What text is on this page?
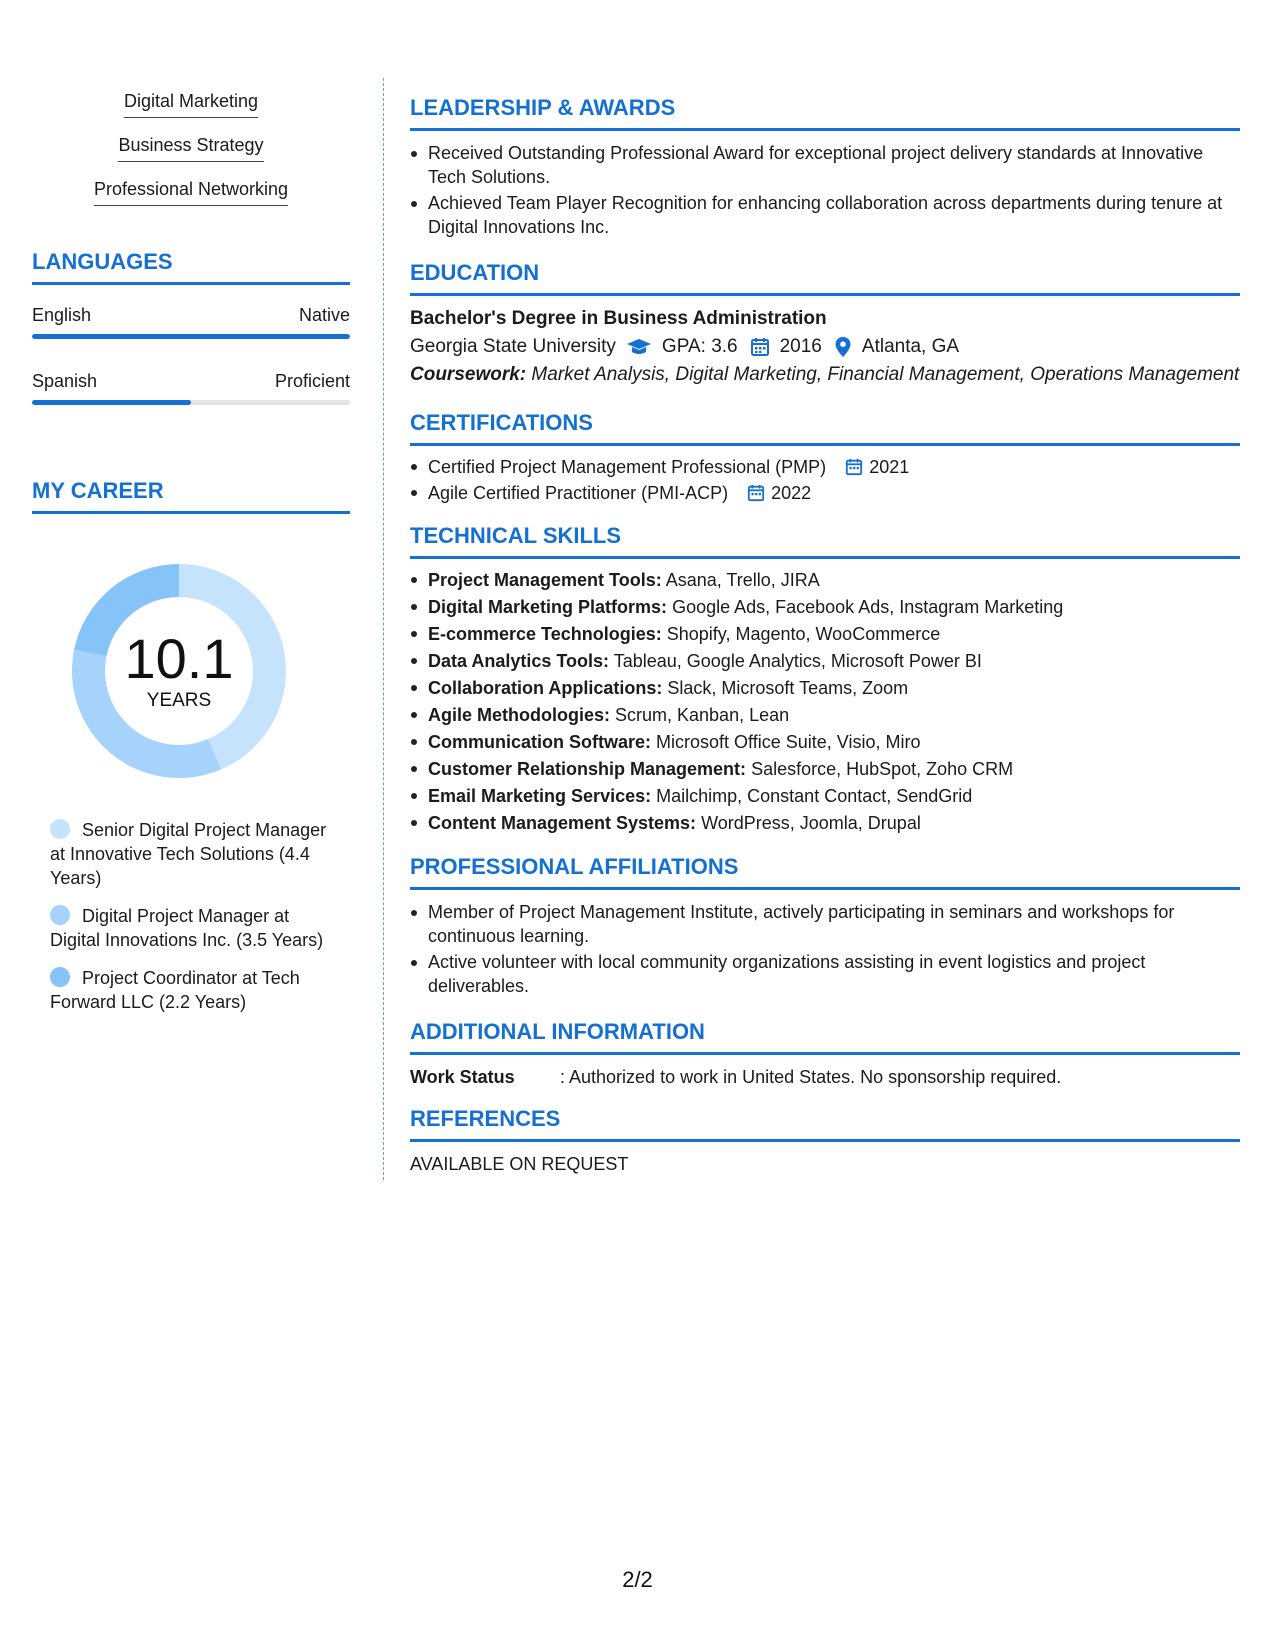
Digital Marketing
Business Strategy
Professional Networking
LANGUAGES
English	Native
Spanish	Proficient
MY CAREER
10.1
YEARS
Senior Digital Project Manager at Innovative Tech Solutions (4.4 Years)
Digital Project Manager at Digital Innovations Inc. (3.5 Years)
Project Coordinator at Tech Forward LLC (2.2 Years)
LEADERSHIP & AWARDS
Received Outstanding Professional Award for exceptional project delivery standards at Innovative Tech Solutions.
Achieved Team Player Recognition for enhancing collaboration across departments during tenure at Digital Innovations Inc.
EDUCATION
Bachelor's Degree in Business Administration
Georgia State University GPA: 3.6 2016 Atlanta, GA
Coursework: Market Analysis, Digital Marketing, Financial Management, Operations Management
CERTIFICATIONS
Certified Project Management Professional (PMP) 2021
Agile Certified Practitioner (PMI-ACP) 2022
TECHNICAL SKILLS
Project Management Tools: Asana, Trello, JIRA
Digital Marketing Platforms: Google Ads, Facebook Ads, Instagram Marketing
E-commerce Technologies: Shopify, Magento, WooCommerce
Data Analytics Tools: Tableau, Google Analytics, Microsoft Power BI
Collaboration Applications: Slack, Microsoft Teams, Zoom
Agile Methodologies: Scrum, Kanban, Lean
Communication Software: Microsoft Office Suite, Visio, Miro
Customer Relationship Management: Salesforce, HubSpot, Zoho CRM
Email Marketing Services: Mailchimp, Constant Contact, SendGrid
Content Management Systems: WordPress, Joomla, Drupal
PROFESSIONAL AFFILIATIONS
Member of Project Management Institute, actively participating in seminars and workshops for continuous learning.
Active volunteer with local community organizations assisting in event logistics and project deliverables.
ADDITIONAL INFORMATION
Work Status	: Authorized to work in United States. No sponsorship required.
REFERENCES
AVAILABLE ON REQUEST
2/2
